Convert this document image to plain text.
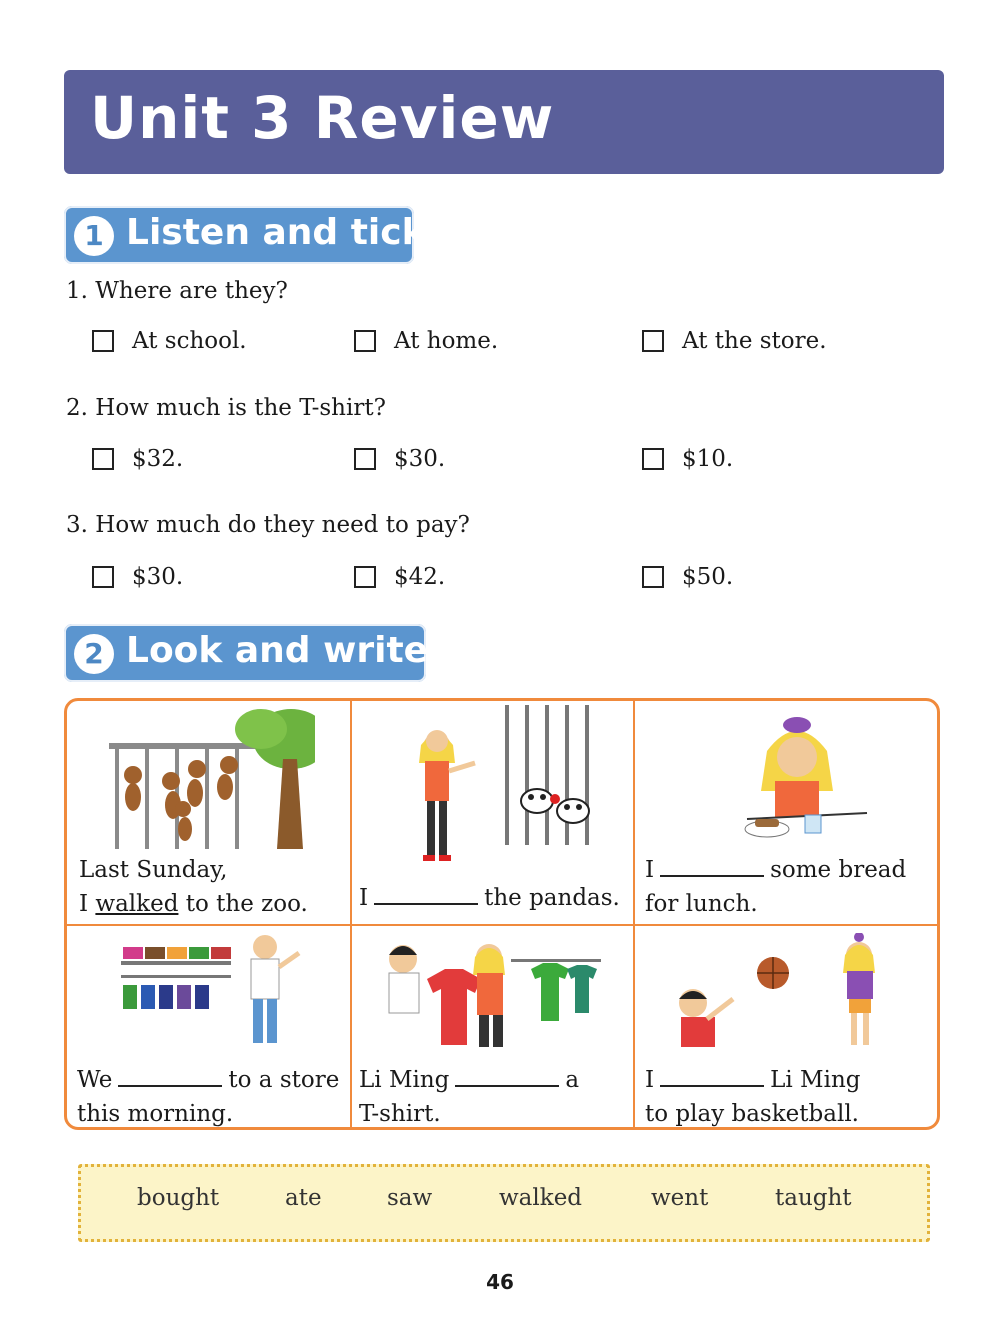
Unit 3 Review
1 Listen and tick
1. Where are they?
At school.	At home.	At the store.
2. How much is the T-shirt?
$32.	$30.	$10.
3. How much do they need to pay?
$30.	$42.	$50.
2 Look and write
Last Sunday,
I walked to the zoo. I	the pandas.
I	some bread
for lunch.
We	to a store
this morning.
Li Ming	a
T-shirt.
I	Li Ming
to play basketball.
bought	ate	saw	walked	went	taught
46
